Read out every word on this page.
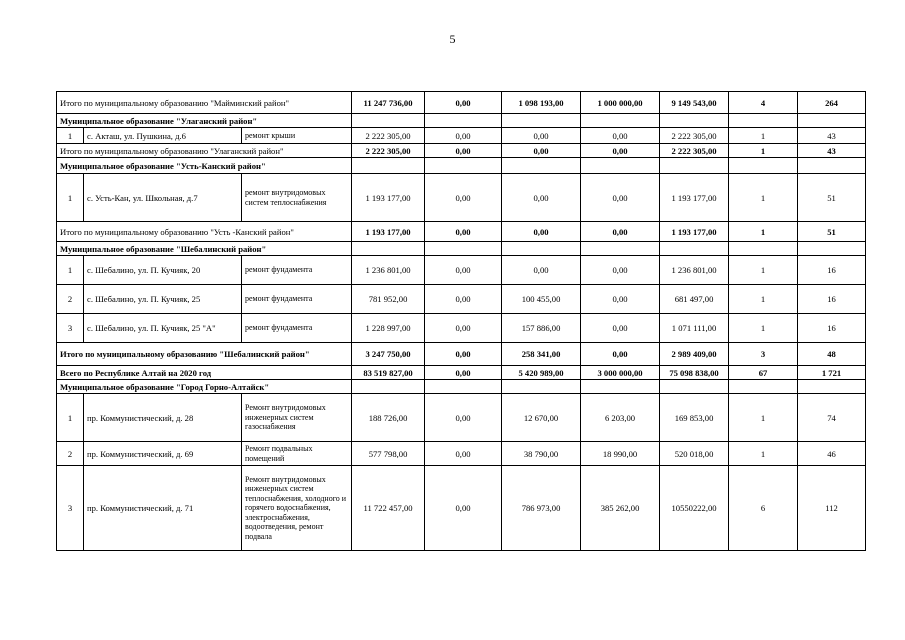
5
Итого по муниципальному образованию "Майминский район"			11 247 736,00	0,00	1 098 193,00	1 000 000,00	9 149 543,00	4	264
Муниципальное образование "Улаганский район"									
1	с. Акташ, ул. Пушкина, д.6	ремонт крыши	2 222 305,00	0,00	0,00	0,00	2 222 305,00	1	43
Итого по муниципальному образованию "Улаганский район"			2 222 305,00	0,00	0,00	0,00	2 222 305,00	1	43
Муниципальное образование "Усть-Канский район"									
1	с. Усть-Кан, ул. Школьная, д.7	ремонт внутридомовых систем теплоснабжения	1 193 177,00	0,00	0,00	0,00	1 193 177,00	1	51
Итого по муниципальному образованию "Усть -Канский район"			1 193 177,00	0,00	0,00	0,00	1 193 177,00	1	51
Муниципальное образование "Шебалинский район"									
1	с. Шебалино, ул. П. Кучияк, 20	ремонт фундамента	1 236 801,00	0,00	0,00	0,00	1 236 801,00	1	16
2	с. Шебалино, ул. П. Кучияк, 25	ремонт фундамента	781 952,00	0,00	100 455,00	0,00	681 497,00	1	16
3	с. Шебалино, ул. П. Кучияк, 25 "А"	ремонт фундамента	1 228 997,00	0,00	157 886,00	0,00	1 071 111,00	1	16
Итого по муниципальному образованию "Шебалинский район"			3 247 750,00	0,00	258 341,00	0,00	2 989 409,00	3	48
Всего по Республике Алтай на 2020 год			83 519 827,00	0,00	5 420 989,00	3 000 000,00	75 098 838,00	67	1 721
Муниципальное образование "Город Горно-Алтайск"									
1	пр. Коммунистический, д. 28	Ремонт внутридомовых инженерных систем газоснабжения	188 726,00	0,00	12 670,00	6 203,00	169 853,00	1	74
2	пр. Коммунистический, д. 69	Ремонт подвальных помещений	577 798,00	0,00	38 790,00	18 990,00	520 018,00	1	46
3	пр. Коммунистический, д. 71	Ремонт внутридомовых инженерных систем теплоснабжения, холодного и горячего водоснабжения, электроснабжения, водоотведения, ремонт подвала	11 722 457,00	0,00	786 973,00	385 262,00	10550222,00	6	112
